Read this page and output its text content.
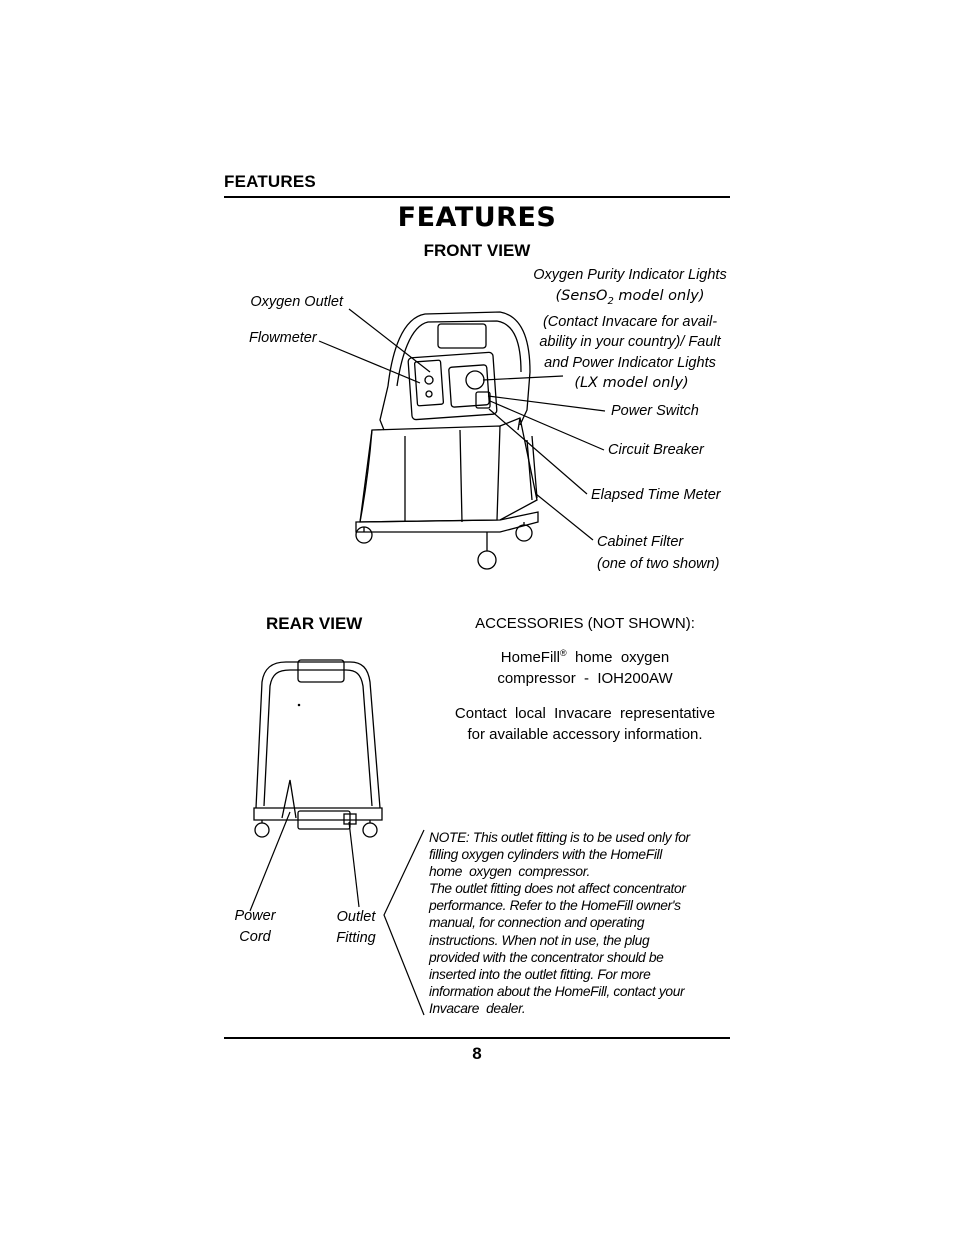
FEATURES
FEATURES
FRONT VIEW
Oxygen Outlet
Flowmeter
Oxygen Purity Indicator Lights
(SensO$_2$ model only)
(Contact Invacare for avail-
ability in your country)/ Fault
and Power Indicator Lights
(LX model only)
Power Switch
Circuit Breaker
Elapsed Time Meter
Cabinet Filter
(one of two shown)
REAR VIEW
Power
Cord
Outlet
Fitting
ACCESSORIES (NOT SHOWN):
HomeFill®  home  oxygen
compressor  -  IOH200AW
Contact  local  Invacare  representative
for available accessory information.

NOTE: This outlet fitting is to be used only for

filling oxygen cylinders with the HomeFill

home  oxygen  compressor.

The outlet fitting does not affect concentrator

performance. Refer to the HomeFill owner's

manual, for connection and operating

instructions. When not in use, the plug

provided with the concentrator should be

inserted into the outlet fitting. For more

information about the HomeFill, contact your

Invacare  dealer.

8
